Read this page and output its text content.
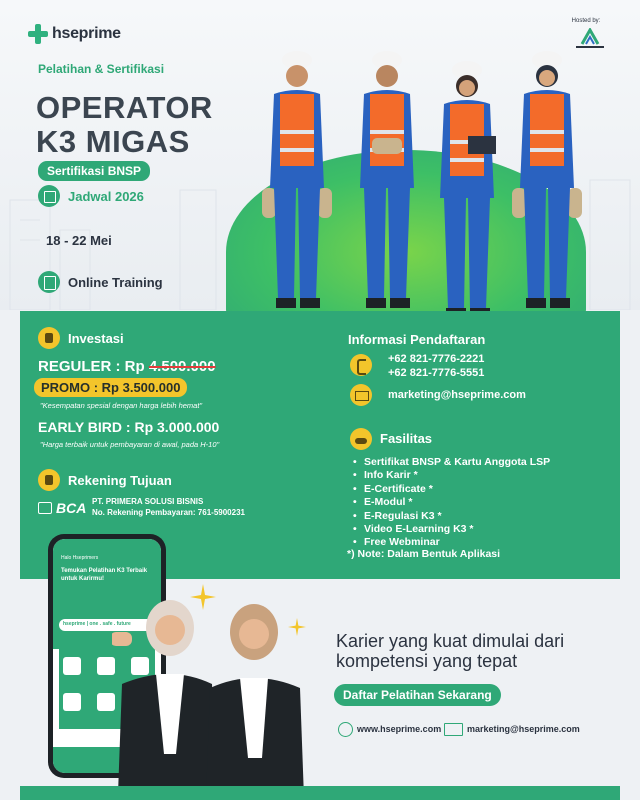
hseprime
Hosted by:
Pelatihan & Sertifikasi
OPERATOR
K3 MIGAS
Sertifikasi BNSP
Jadwal 2026
18 - 22 Mei
Online Training
Investasi
REGULER : Rp 4.500.000
PROMO : Rp 3.500.000
"Kesempatan spesial dengan harga lebih hemat"
EARLY BIRD : Rp 3.000.000
"Harga terbaik untuk pembayaran di awal, pada H-10"
Rekening Tujuan
BCA PT. PRIMERA SOLUSI BISNIS
No. Rekening Pembayaran: 761-5900231
Informasi Pendaftaran
+62 821-7776-2221
+62 821-7776-5551
marketing@hseprime.com
Fasilitas
• Sertifikat BNSP & Kartu Anggota LSP
• Info Karir *
• E-Certificate *
• E-Modul *
• E-Regulasi K3 *
• Video E-Learning K3 *
• Free Webminar
*) Note: Dalam Bentuk Aplikasi
Halo Hseprimers
Temukan Pelatihan K3 Terbaik untuk Karirmu!
hseprime | one . safe . future
Karier yang kuat dimulai dari
kompetensi yang tepat
Daftar Pelatihan Sekarang
www.hseprime.com	marketing@hseprime.com
